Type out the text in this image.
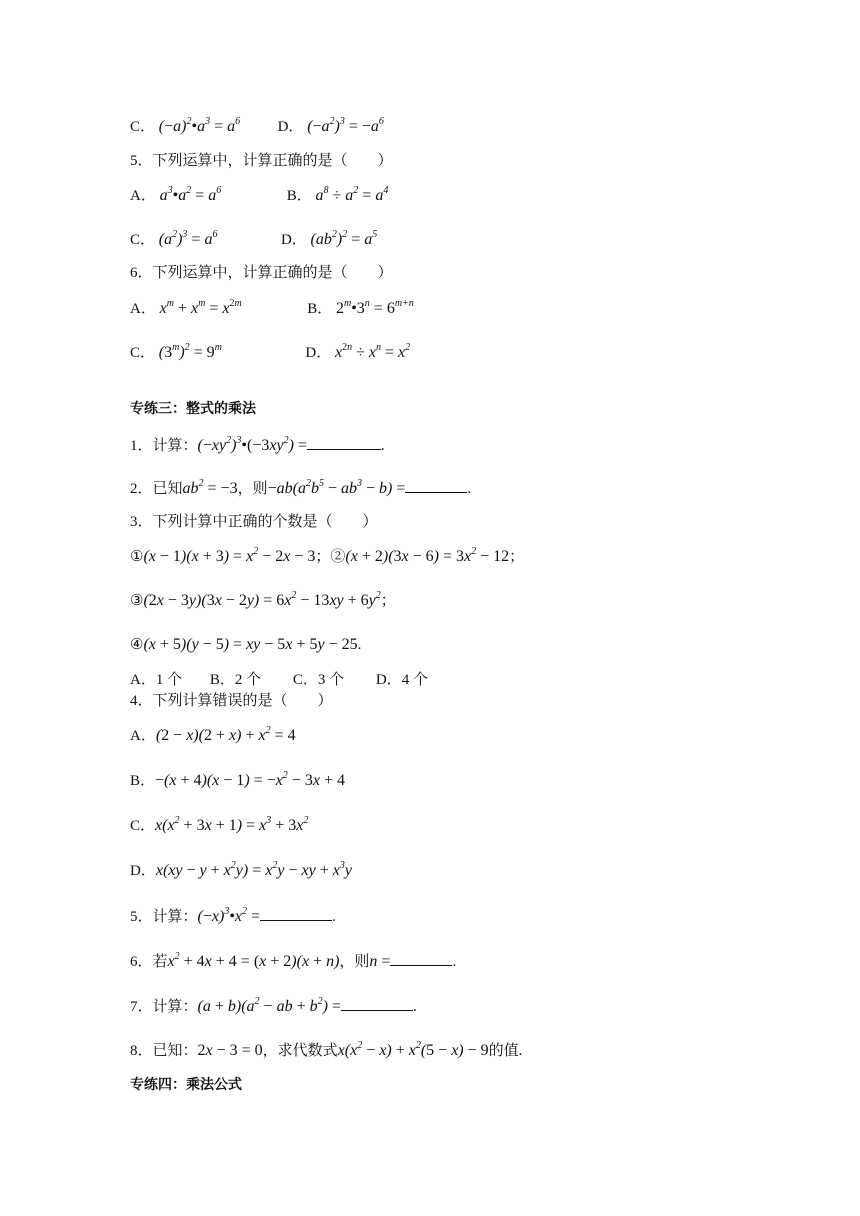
C． $(-a)^2•a^3 = a^6$	D． $(-a^2)^3 = -a^6$
5．下列运算中，计算正确的是（　　）
A． $a^3•a^2 = a^6$	B． $a^8 \div a^2 = a^4$
C． $(a^2)^3 = a^6$	D． $(ab^2)^2 = a^5$
6．下列运算中，计算正确的是（　　）
A． $x^m + x^m = x^{2m}$	B． $2^m•3^n = 6^{m+n}$
C． $(3^m)^2 = 9^m$	D． $x^{2n} \div x^n = x^2$
专练三：整式的乘法
1．计算：$(-xy^2)^3•(-3xy^2)$ =	.
2．已知$ab^2 = -3$，则$-ab(a^2b^5 - ab^3 - b)$ =	.
3．下列计算中正确的个数是（　　）
①(x − $1)(x + 3) = x^2 - 2x - 3$；②(x + $2)(3x - 6) = 3x^2 - 12$；
③(2x − $3y)(3x - 2y) = 6x^2 - 13xy + 6y^2$；
④(x + 5)(y − 5) = xy − 5x + 5y − 25.
A．1 个 B．2 个 C．3 个 D．4 个
4．下列计算错误的是（　　）
A．$(2 - x)(2 + x) + x^2 = 4$
B．$-(x + 4)(x - 1) = -x^2 - 3x + 4$
C．$x(x^2 + 3x + 1) = x^3 + 3x^2$
D．$x(xy - y + x^2y) = x^2y$ − xy + $x^3y$
5．计算：$(-x)^3•x^2$ =	.
6．若$x^2 + 4x + 4 = (x + 2)(x + n)$，则n =	.
7．计算：$(a + b)(a^2$ − ab + $b^2$) =	.
8．已知：2x − 3 = 0，求代数式$x(x^2 - x) + x^2(5 - x) - 9$的值.
专练四：乘法公式
